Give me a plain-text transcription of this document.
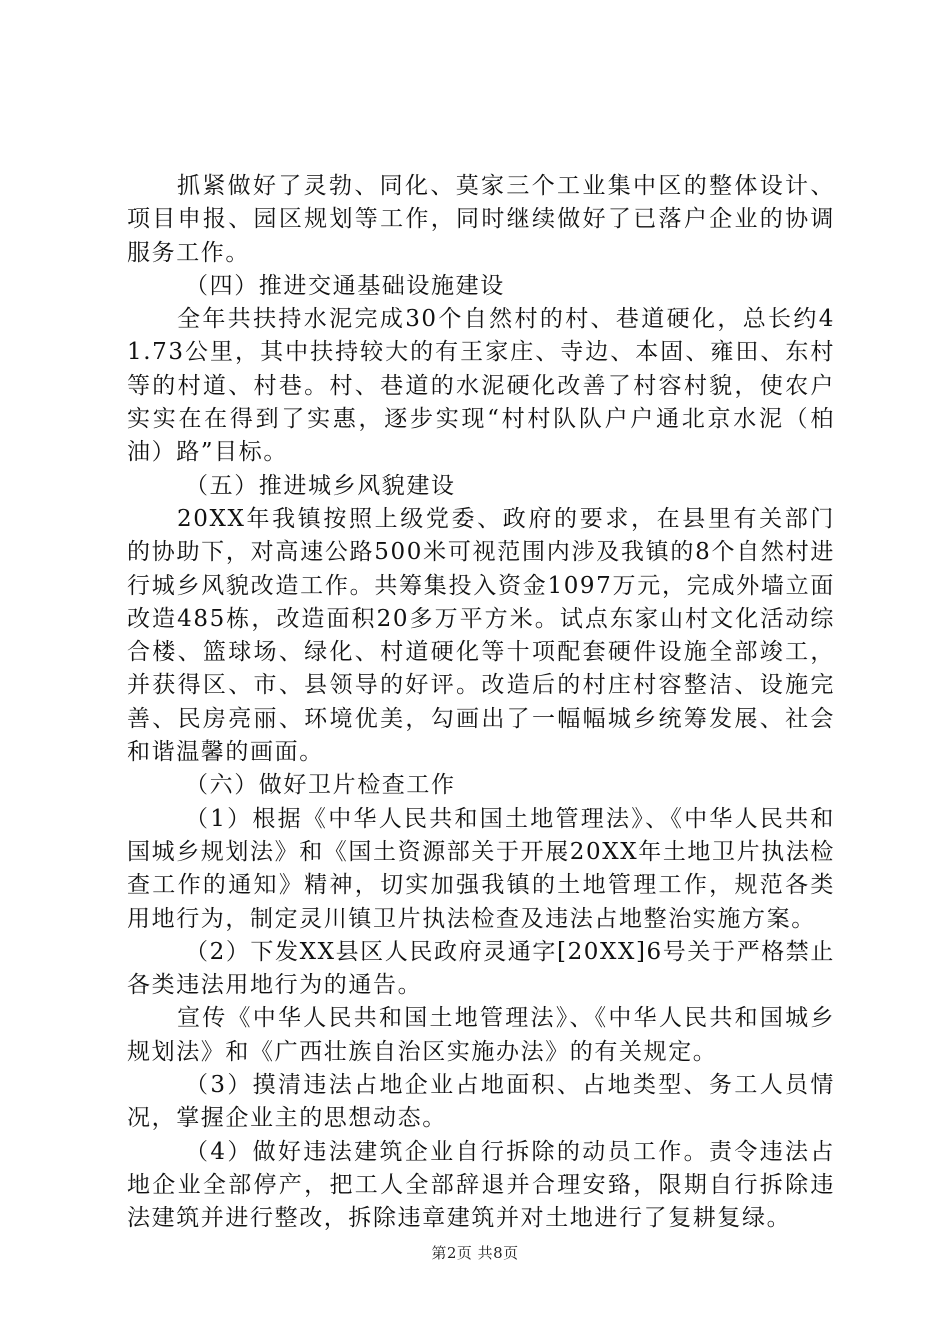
抓紧做好了灵勃、同化、莫家三个工业集中区的整体设计、项目申报、园区规划等工作，同时继续做好了已落户企业的协调服务工作。

（四）推进交通基础设施建设

全年共扶持水泥完成30个自然村的村、巷道硬化，总长约41.73公里，其中扶持较大的有王家庄、寺边、本固、雍田、东村等的村道、村巷。村、巷道的水泥硬化改善了村容村貌，使农户实实在在得到了实惠，逐步实现“村村队队户户通北京水泥（柏油）路”目标。

（五）推进城乡风貌建设

20XX年我镇按照上级党委、政府的要求，在县里有关部门的协助下，对高速公路500米可视范围内涉及我镇的8个自然村进行城乡风貌改造工作。共筹集投入资金1097万元，完成外墙立面改造485栋，改造面积20多万平方米。试点东家山村文化活动综合楼、篮球场、绿化、村道硬化等十项配套硬件设施全部竣工，并获得区、市、县领导的好评。改造后的村庄村容整洁、设施完善、民房亮丽、环境优美，勾画出了一幅幅城乡统筹发展、社会和谐温馨的画面。

（六）做好卫片检查工作

（1）根据《中华人民共和国土地管理法》、《中华人民共和国城乡规划法》和《国土资源部关于开展20XX年土地卫片执法检查工作的通知》精神，切实加强我镇的土地管理工作，规范各类用地行为，制定灵川镇卫片执法检查及违法占地整治实施方案。

（2）下发XX县区人民政府灵通字[20XX]6号关于严格禁止各类违法用地行为的通告。

宣传《中华人民共和国土地管理法》、《中华人民共和国城乡规划法》和《广西壮族自治区实施办法》的有关规定。

（3）摸清违法占地企业占地面积、占地类型、务工人员情况，掌握企业主的思想动态。

（4）做好违法建筑企业自行拆除的动员工作。责令违法占地企业全部停产，把工人全部辞退并合理安臵，限期自行拆除违法建筑并进行整改，拆除违章建筑并对土地进行了复耕复绿。

第2页 共8页
